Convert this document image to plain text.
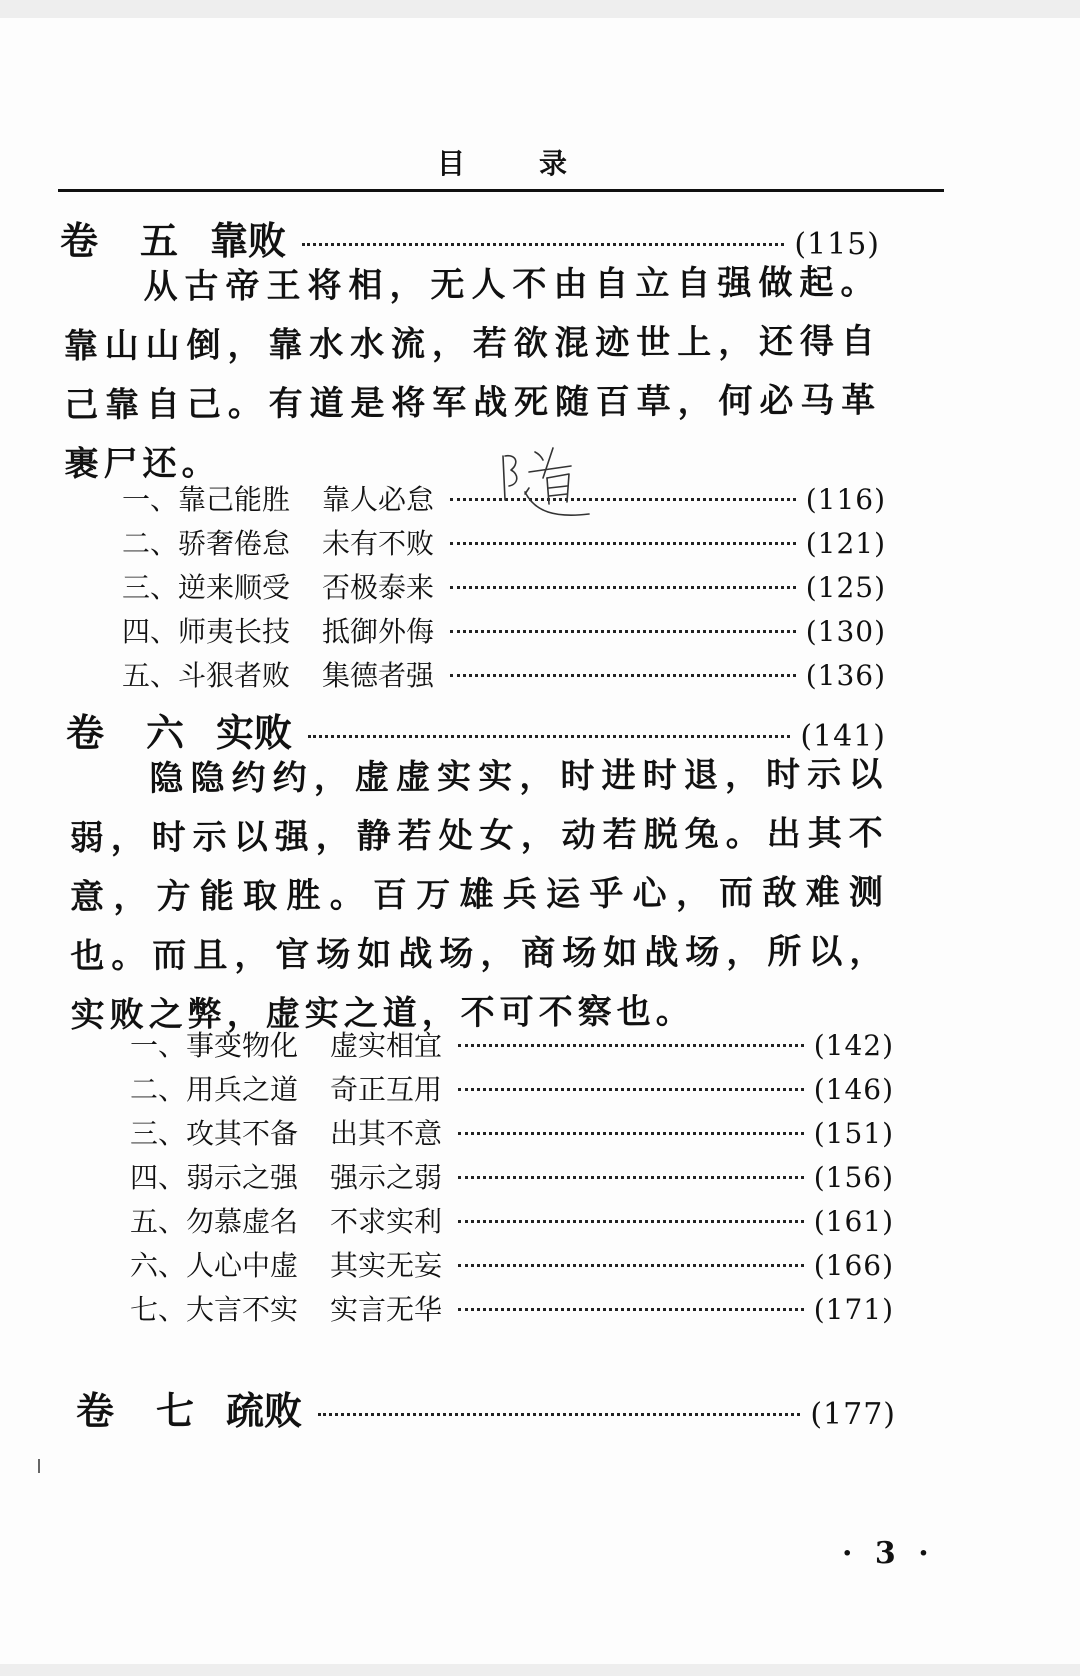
目	录
卷　五 靠败	(115)
从古帝王将相，无人不由自立自强做起。靠山山倒，靠水水流，若欲混迹世上，还得自己靠自己。有道是将军战死随百草，何必马革裹尸还。
一、靠己能胜 靠人必怠	(116)
二、骄奢倦怠 未有不败	(121)
三、逆来顺受 否极泰来	(125)
四、师夷长技 抵御外侮	(130)
五、斗狠者败 集德者强	(136)
卷　六 实败	(141)
隐隐约约，虚虚实实，时进时退，时示以弱，时示以强，静若处女，动若脱兔。出其不意，方能取胜。百万雄兵运乎心，而敌难测也。而且，官场如战场，商场如战场，所以，实败之弊，虚实之道，不可不察也。
一、事变物化 虚实相宜	(142)
二、用兵之道 奇正互用	(146)
三、攻其不备 出其不意	(151)
四、弱示之强 强示之弱	(156)
五、勿慕虚名 不求实利	(161)
六、人心中虚 其实无妄	(166)
七、大言不实 实言无华	(171)
卷　七 疏败	(177)
· 3 ·
